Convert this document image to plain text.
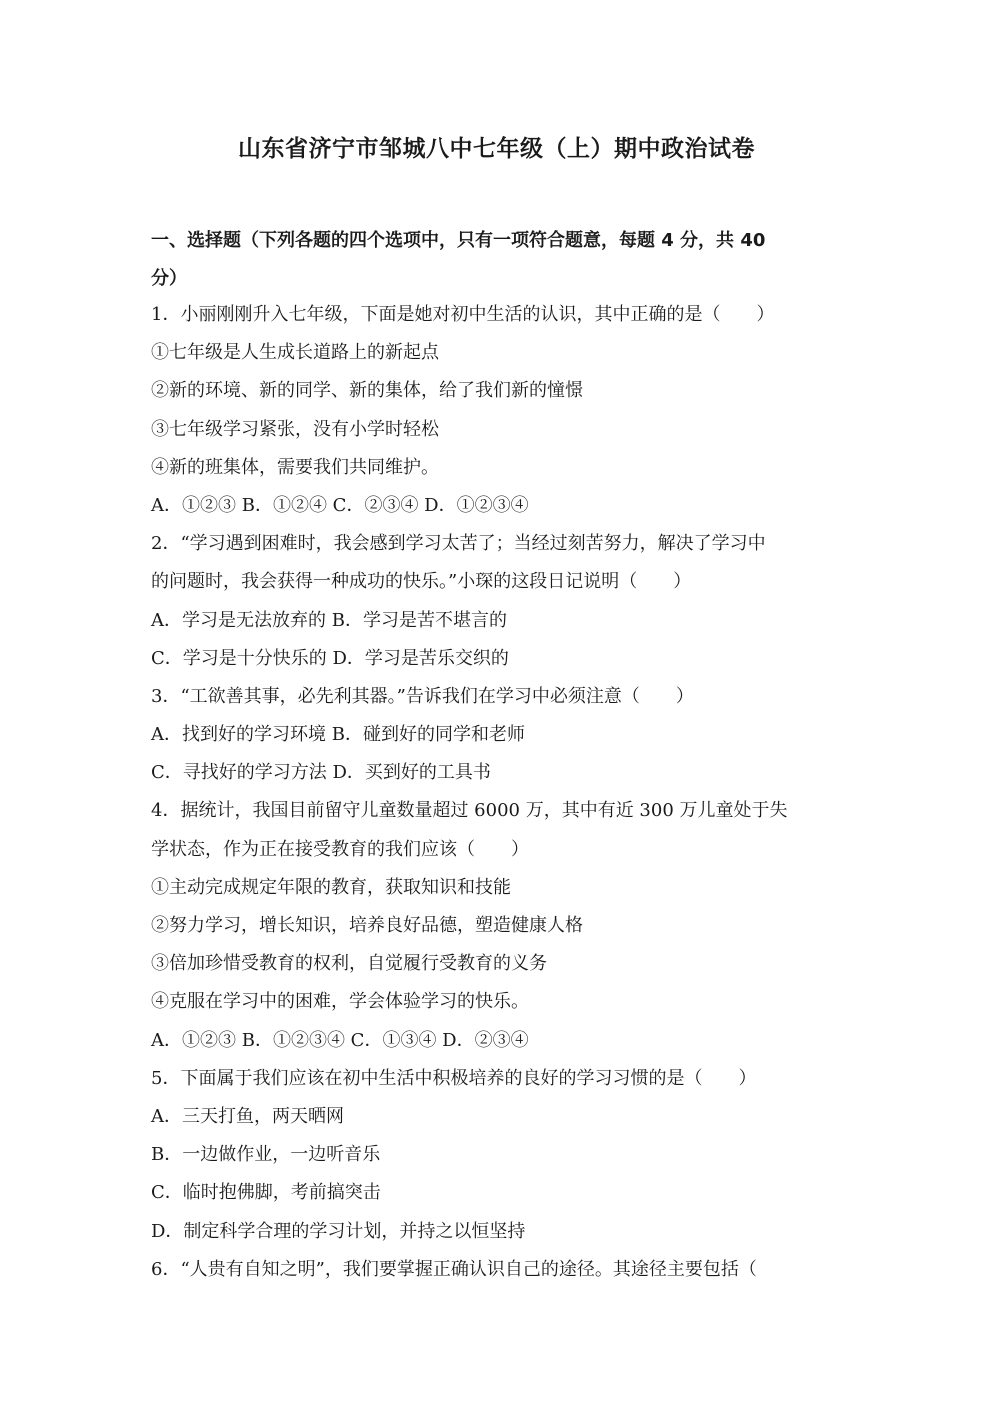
山东省济宁市邹城八中七年级（上）期中政治试卷
一、选择题（下列各题的四个选项中，只有一项符合题意，每题 4 分，共 40
分）
1．小丽刚刚升入七年级，下面是她对初中生活的认识，其中正确的是（　　）
①七年级是人生成长道路上的新起点
②新的环境、新的同学、新的集体，给了我们新的憧憬
③七年级学习紧张，没有小学时轻松
④新的班集体，需要我们共同维护。
A．①②③ B．①②④ C．②③④ D．①②③④
2．“学习遇到困难时，我会感到学习太苦了；当经过刻苦努力，解决了学习中
的问题时，我会获得一种成功的快乐。”小琛的这段日记说明（　　）
A．学习是无法放弃的 B．学习是苦不堪言的
C．学习是十分快乐的 D．学习是苦乐交织的
3．“工欲善其事，必先利其器。”告诉我们在学习中必须注意（　　）
A．找到好的学习环境 B．碰到好的同学和老师
C．寻找好的学习方法 D．买到好的工具书
4．据统计，我国目前留守儿童数量超过 6000 万，其中有近 300 万儿童处于失
学状态，作为正在接受教育的我们应该（　　）
①主动完成规定年限的教育，获取知识和技能
②努力学习，增长知识，培养良好品德，塑造健康人格
③倍加珍惜受教育的权利，自觉履行受教育的义务
④克服在学习中的困难，学会体验学习的快乐。
A．①②③ B．①②③④ C．①③④ D．②③④
5．下面属于我们应该在初中生活中积极培养的良好的学习习惯的是（　　）
A．三天打鱼，两天晒网
B．一边做作业，一边听音乐
C．临时抱佛脚，考前搞突击
D．制定科学合理的学习计划，并持之以恒坚持
6．“人贵有自知之明”，我们要掌握正确认识自己的途径。其途径主要包括（
